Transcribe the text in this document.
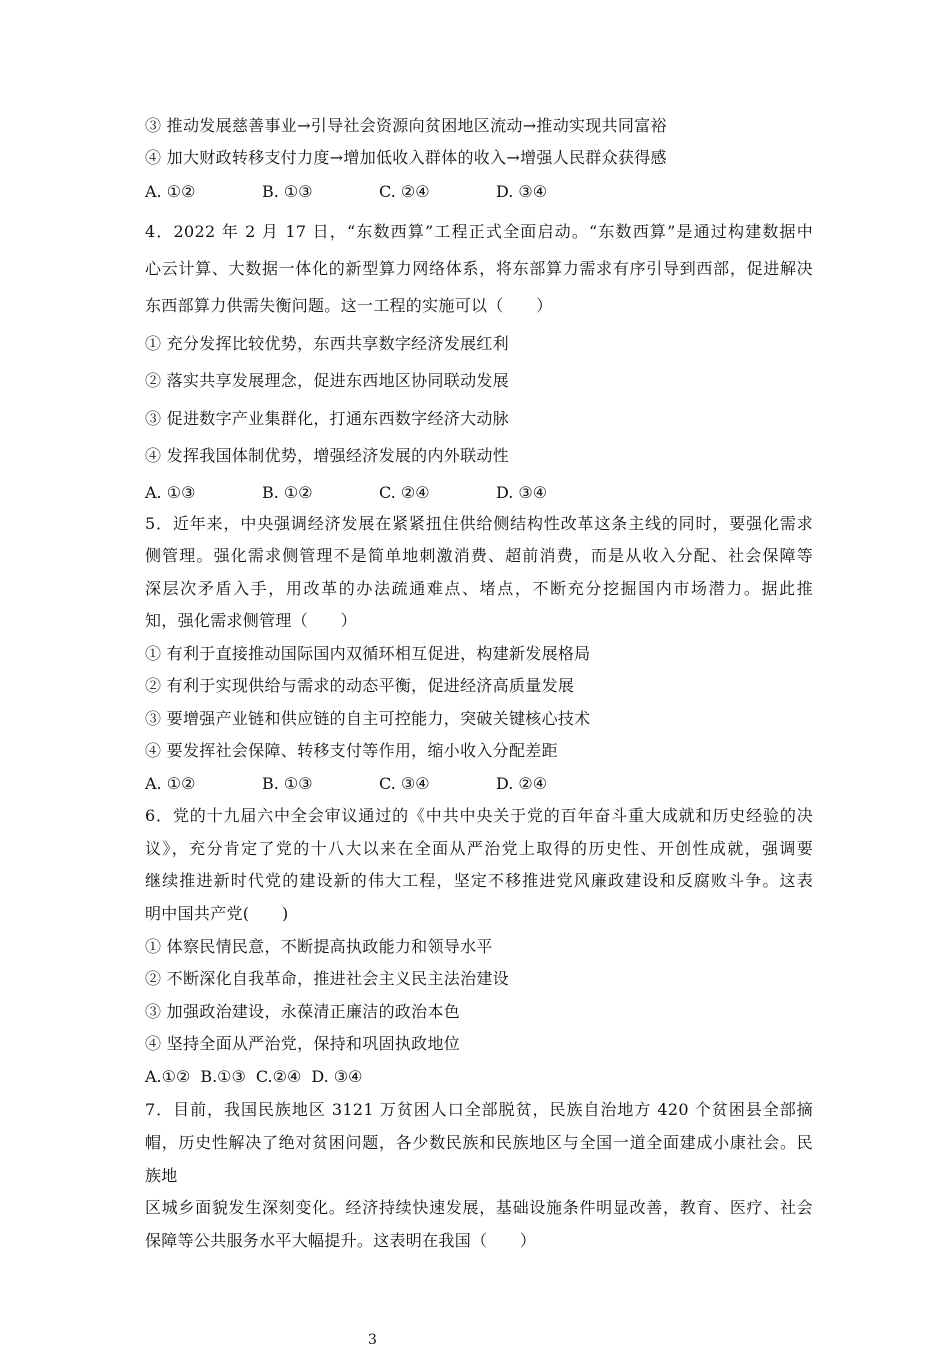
③ 推动发展慈善事业→引导社会资源向贫困地区流动→推动实现共同富裕
④ 加大财政转移支付力度→增加低收入群体的收入→增强人民群众获得感
A. ①②	B. ①③	C. ②④	D. ③④
4．2022 年 2 月 17 日，“东数西算”工程正式全面启动。“东数西算”是通过构建数据中
心云计算、大数据一体化的新型算力网络体系，将东部算力需求有序引导到西部，促进解决
东西部算力供需失衡问题。这一工程的实施可以（　　）
① 充分发挥比较优势，东西共享数字经济发展红利
② 落实共享发展理念，促进东西地区协同联动发展
③ 促进数字产业集群化，打通东西数字经济大动脉
④ 发挥我国体制优势，增强经济发展的内外联动性
A. ①③	B. ①②	C. ②④	D. ③④
5．近年来，中央强调经济发展在紧紧扭住供给侧结构性改革这条主线的同时，要强化需求
侧管理。强化需求侧管理不是简单地刺激消费、超前消费，而是从收入分配、社会保障等
深层次矛盾入手，用改革的办法疏通难点、堵点，不断充分挖掘国内市场潜力。据此推
知，强化需求侧管理（　　）
① 有利于直接推动国际国内双循环相互促进，构建新发展格局
② 有利于实现供给与需求的动态平衡，促进经济高质量发展
③ 要增强产业链和供应链的自主可控能力，突破关键核心技术
④ 要发挥社会保障、转移支付等作用，缩小收入分配差距
A. ①②	B. ①③	C. ③④	D. ②④
6．党的十九届六中全会审议通过的《中共中央关于党的百年奋斗重大成就和历史经验的决
议》，充分肯定了党的十八大以来在全面从严治党上取得的历史性、开创性成就，强调要
继续推进新时代党的建设新的伟大工程，坚定不移推进党风廉政建设和反腐败斗争。这表
明中国共产党(　　)
① 体察民情民意，不断提高执政能力和领导水平
② 不断深化自我革命，推进社会主义民主法治建设
③ 加强政治建设，永葆清正廉洁的政治本色
④ 坚持全面从严治党，保持和巩固执政地位
A.①② B.①③ C.②④ D. ③④
7．目前，我国民族地区 3121 万贫困人口全部脱贫，民族自治地方 420 个贫困县全部摘
帽，历史性解决了绝对贫困问题，各少数民族和民族地区与全国一道全面建成小康社会。民
族地
区城乡面貌发生深刻变化。经济持续快速发展，基础设施条件明显改善，教育、医疗、社会
保障等公共服务水平大幅提升。这表明在我国（　　）
3
